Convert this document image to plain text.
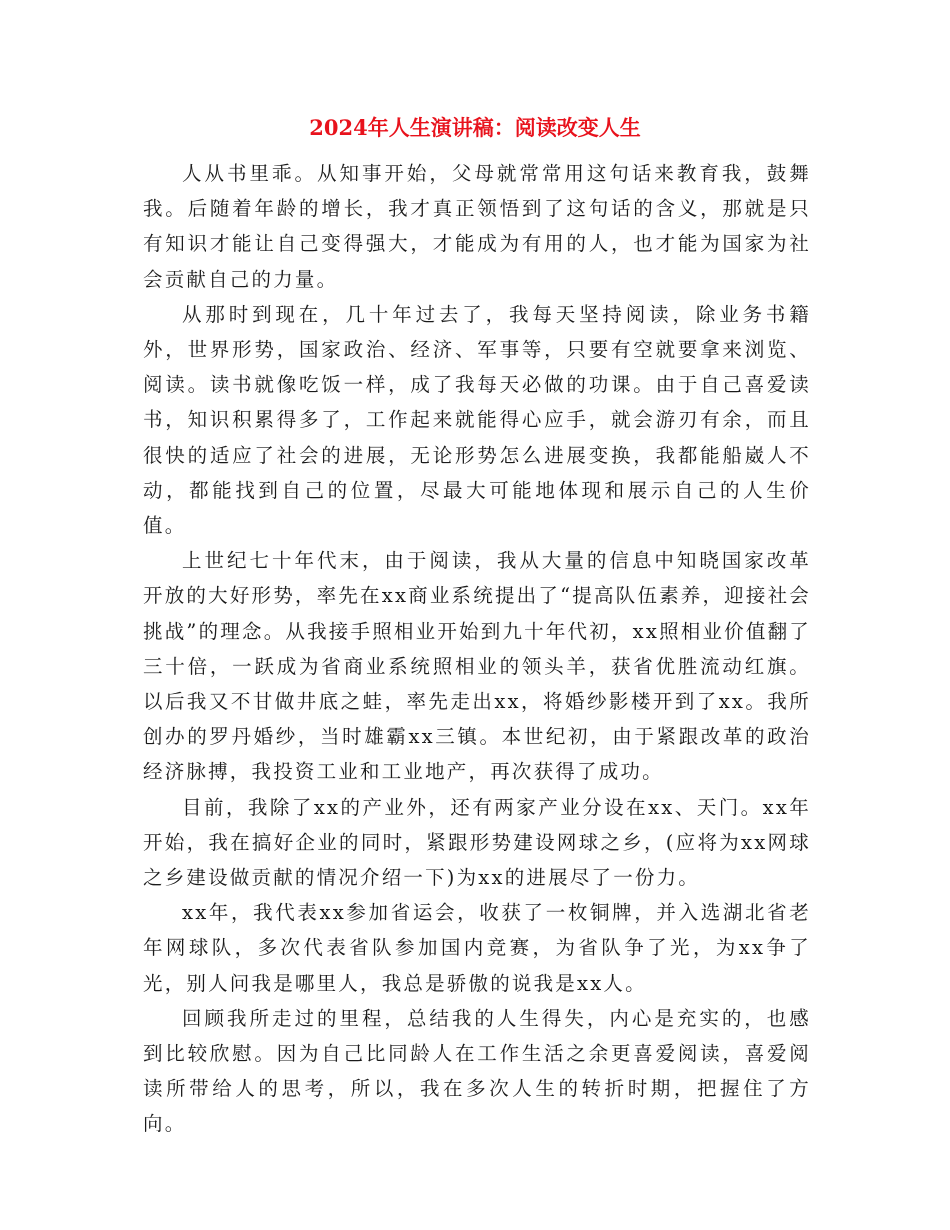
2024年人生演讲稿：阅读改变人生

人从书里乖。从知事开始，父母就常常用这句话来教育我，鼓舞我。后随着年龄的增长，我才真正领悟到了这句话的含义，那就是只有知识才能让自己变得强大，才能成为有用的人，也才能为国家为社会贡献自己的力量。

从那时到现在，几十年过去了，我每天坚持阅读，除业务书籍外，世界形势，国家政治、经济、军事等，只要有空就要拿来浏览、阅读。读书就像吃饭一样，成了我每天必做的功课。由于自己喜爱读书，知识积累得多了，工作起来就能得心应手，就会游刃有余，而且很快的适应了社会的进展，无论形势怎么进展变换，我都能船崴人不动，都能找到自己的位置，尽最大可能地体现和展示自己的人生价值。

上世纪七十年代末，由于阅读，我从大量的信息中知晓国家改革开放的大好形势，率先在xx商业系统提出了“提高队伍素养，迎接社会挑战”的理念。从我接手照相业开始到九十年代初，xx照相业价值翻了三十倍，一跃成为省商业系统照相业的领头羊，获省优胜流动红旗。以后我又不甘做井底之蛙，率先走出xx，将婚纱影楼开到了xx。我所创办的罗丹婚纱，当时雄霸xx三镇。本世纪初，由于紧跟改革的政治经济脉搏，我投资工业和工业地产，再次获得了成功。

目前，我除了xx的产业外，还有两家产业分设在xx、天门。xx年开始，我在搞好企业的同时，紧跟形势建设网球之乡，(应将为xx网球之乡建设做贡献的情况介绍一下)为xx的进展尽了一份力。

xx年，我代表xx参加省运会，收获了一枚铜牌，并入选湖北省老年网球队，多次代表省队参加国内竞赛，为省队争了光，为xx争了光，别人问我是哪里人，我总是骄傲的说我是xx人。

回顾我所走过的里程，总结我的人生得失，内心是充实的，也感到比较欣慰。因为自己比同龄人在工作生活之余更喜爱阅读，喜爱阅读所带给人的思考，所以，我在多次人生的转折时期，把握住了方向。
